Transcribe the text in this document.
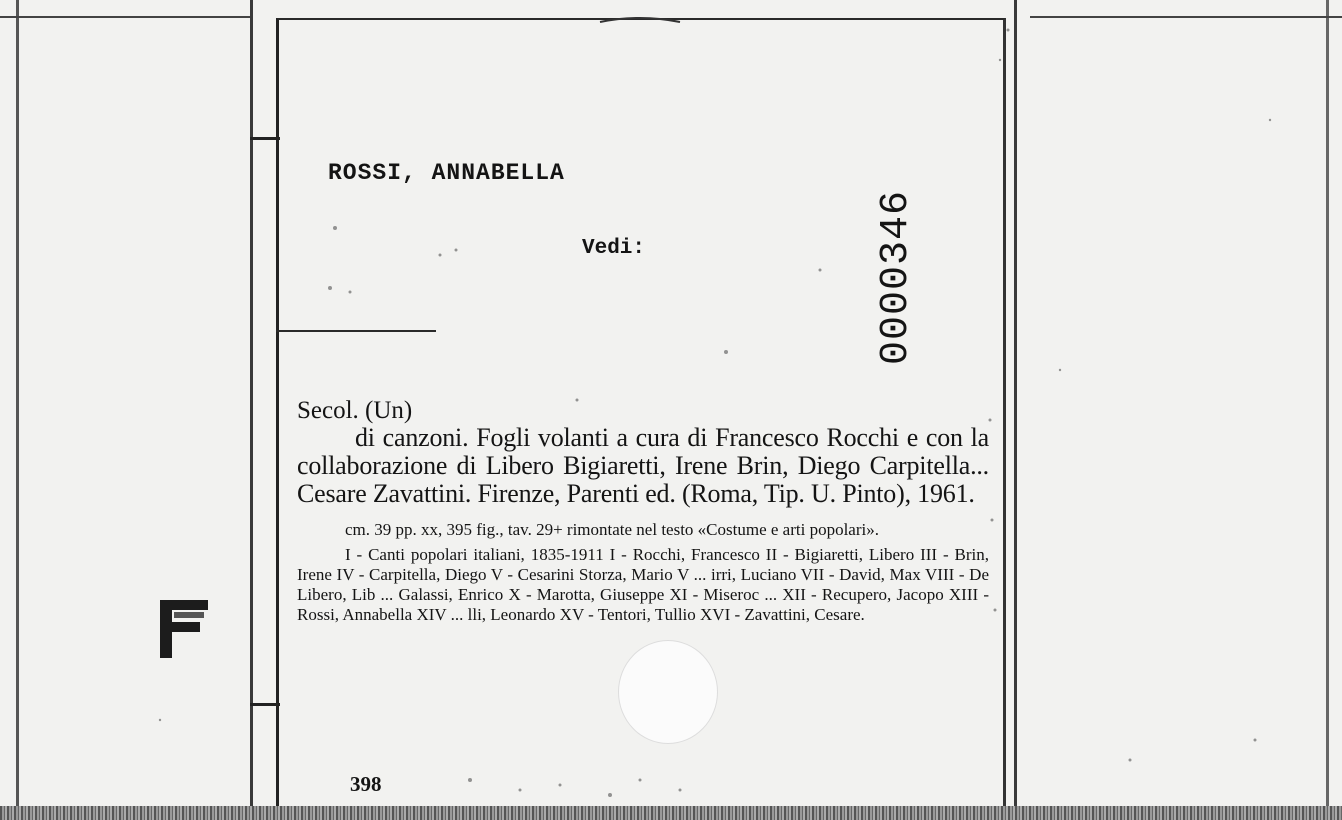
ROSSI, ANNABELLA
Vedi:	0000346
Secol. (Un)
di canzoni. Fogli volanti a cura di Francesco Rocchi e con la collaborazione di Libero Bigiaretti, Irene Brin, Diego Carpitella... Cesare Zavattini. Firenze, Parenti ed. (Roma, Tip. U. Pinto), 1961.
cm. 39 pp. xx, 395 fig., tav. 29+ rimontate nel testo «Costume e arti popolari».
I - Canti popolari italiani, 1835-1911 I - Rocchi, Francesco II - Bigiaretti, Libero III - Brin, Irene IV - Carpitella, Diego V - Cesarini Storza, Mario V ... irri, Luciano VII - David, Max VIII - De Libero, Lib ... Galassi, Enrico X - Marotta, Giuseppe XI - Miseroc ... XII - Recupero, Jacopo XIII - Rossi, Annabella XIV ... lli, Leonardo XV - Tentori, Tullio XVI - Zavattini, Cesare.
398
